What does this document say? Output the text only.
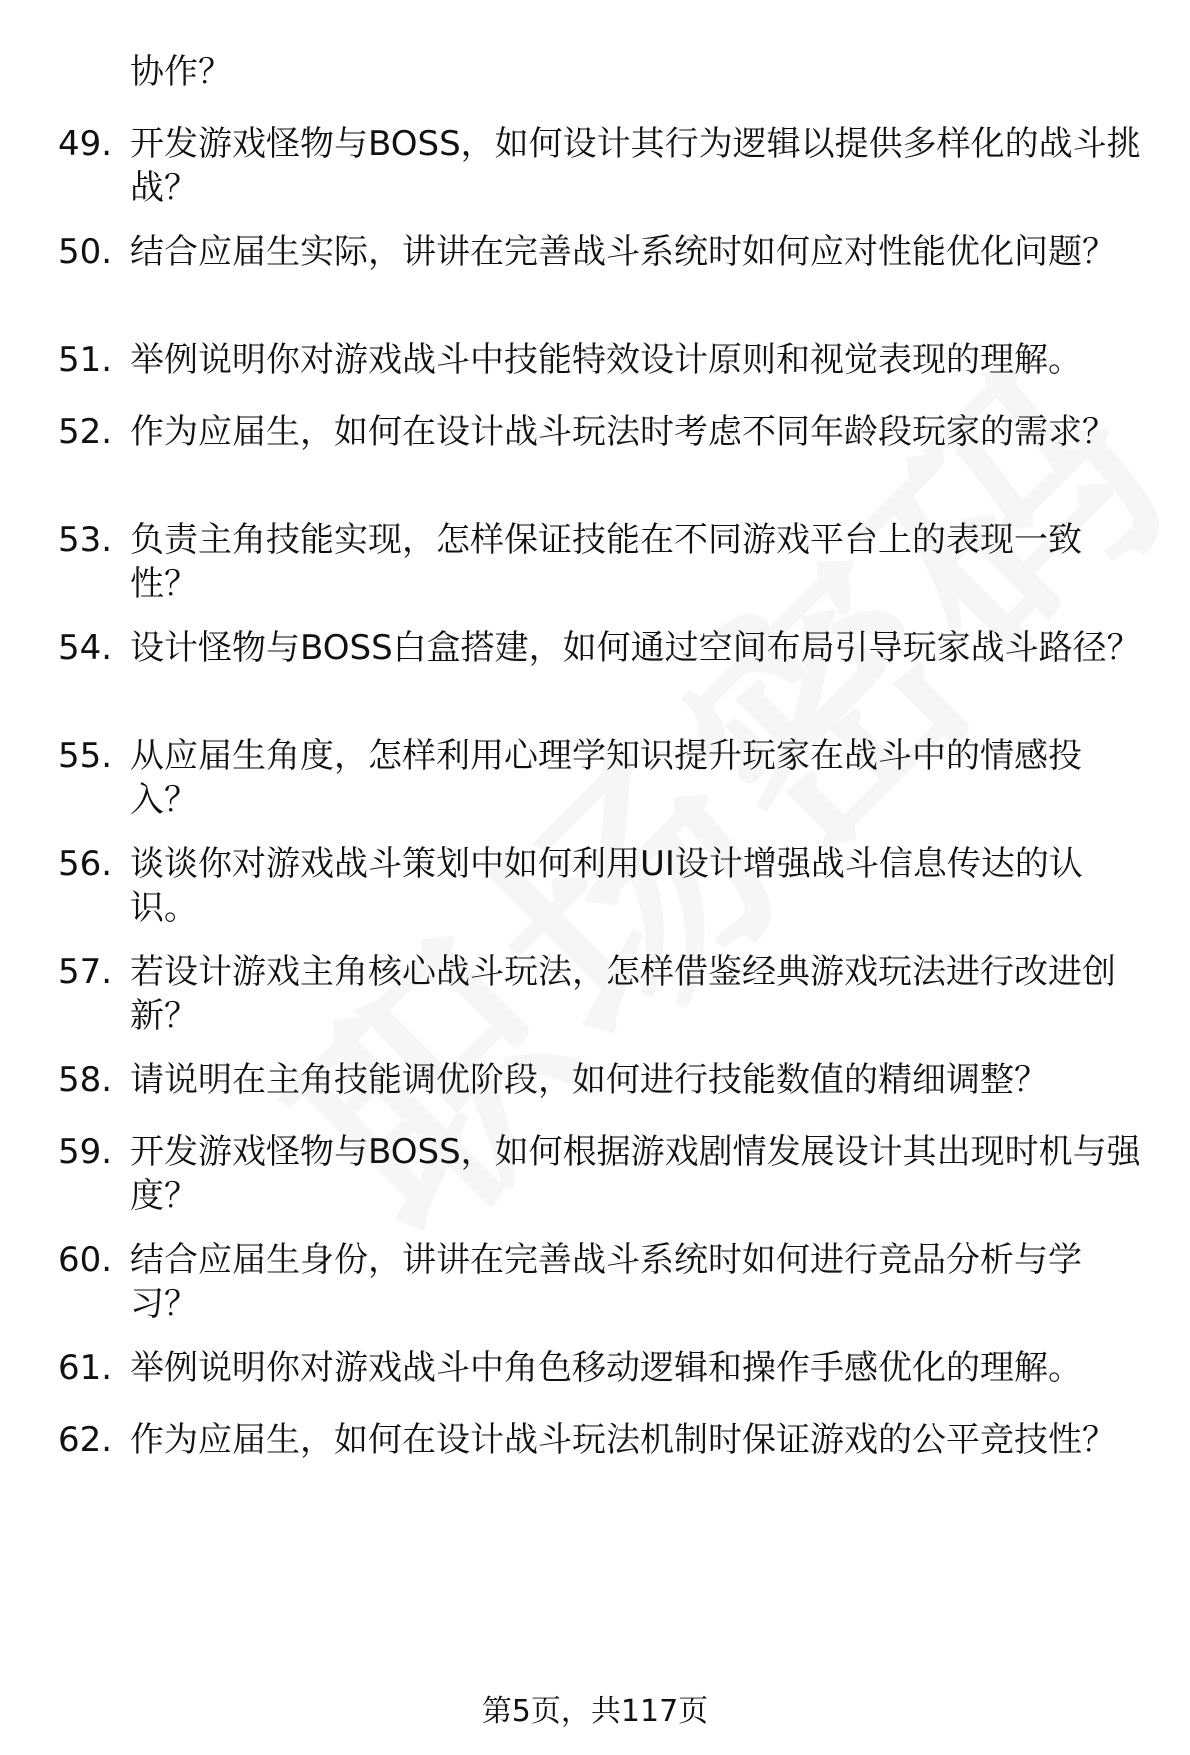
协作？
49. 开发游戏怪物与BOSS，如何设计其行为逻辑以提供多样化的战斗挑战？
50. 结合应届生实际，讲讲在完善战斗系统时如何应对性能优化问题？
51. 举例说明你对游戏战斗中技能特效设计原则和视觉表现的理解。
52. 作为应届生，如何在设计战斗玩法时考虑不同年龄段玩家的需求？
53. 负责主角技能实现，怎样保证技能在不同游戏平台上的表现一致性？
54. 设计怪物与BOSS白盒搭建，如何通过空间布局引导玩家战斗路径？
55. 从应届生角度，怎样利用心理学知识提升玩家在战斗中的情感投入？
56. 谈谈你对游戏战斗策划中如何利用UI设计增强战斗信息传达的认识。
57. 若设计游戏主角核心战斗玩法，怎样借鉴经典游戏玩法进行改进创新？
58. 请说明在主角技能调优阶段，如何进行技能数值的精细调整？
59. 开发游戏怪物与BOSS，如何根据游戏剧情发展设计其出现时机与强度？
60. 结合应届生身份，讲讲在完善战斗系统时如何进行竞品分析与学习？
61. 举例说明你对游戏战斗中角色移动逻辑和操作手感优化的理解。
62. 作为应届生，如何在设计战斗玩法机制时保证游戏的公平竞技性？
第5页，共117页
